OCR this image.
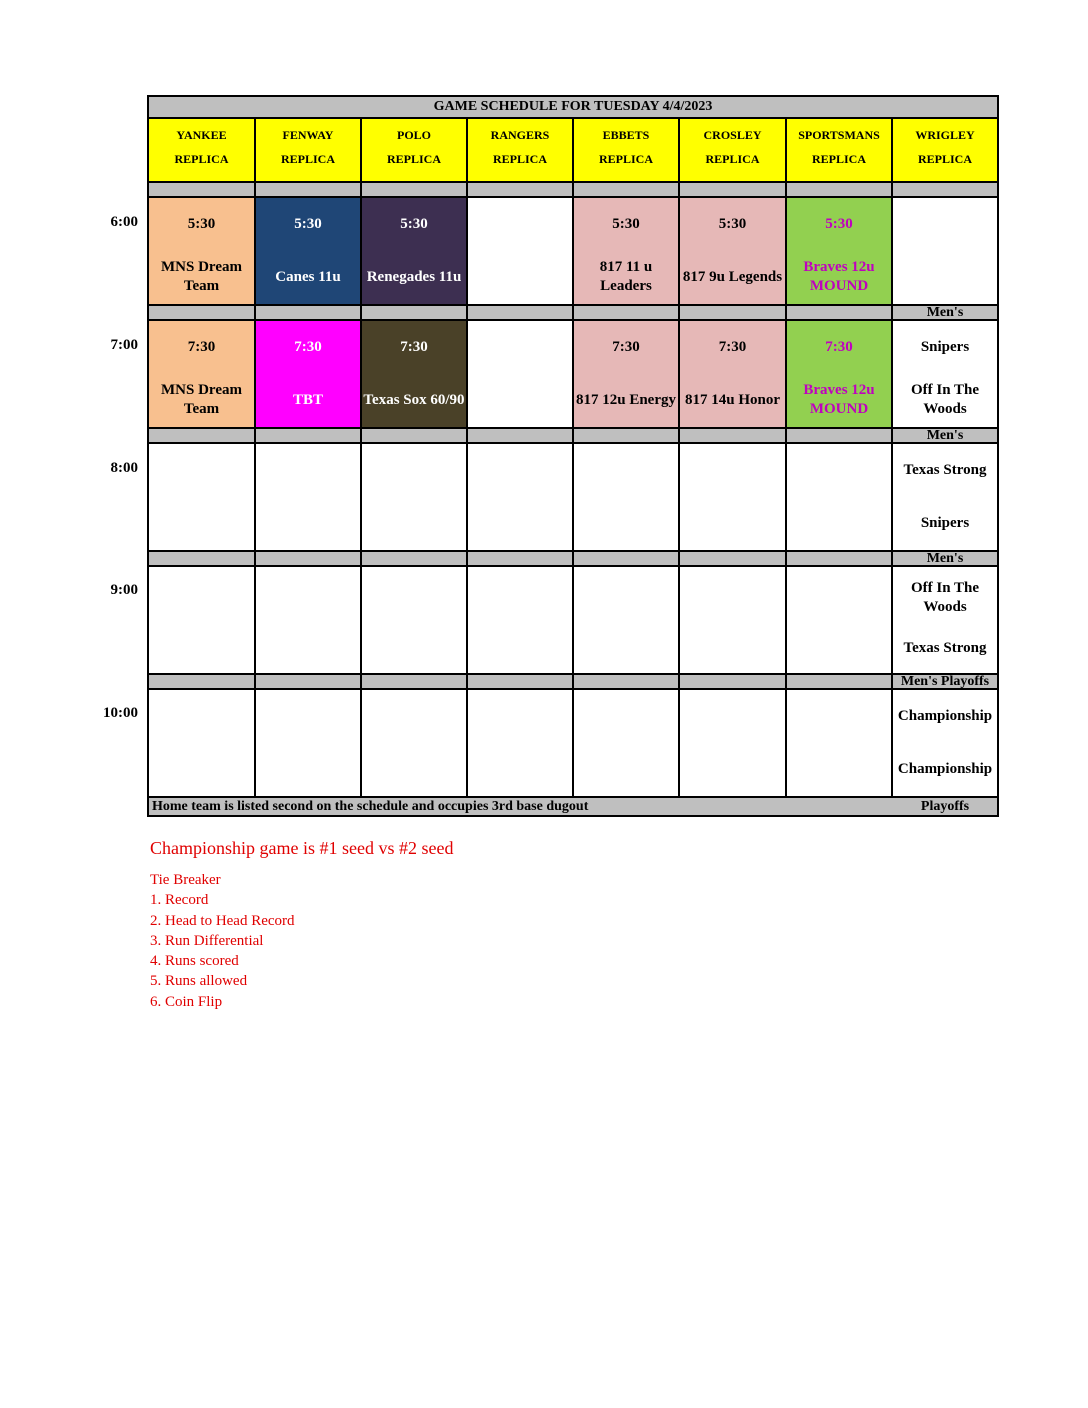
GAME SCHEDULE FOR TUESDAY 4/4/2023
YANKEE
REPLICA
FENWAY
REPLICA
POLO
REPLICA
RANGERS
REPLICA
EBBETS
REPLICA
CROSLEY
REPLICA
SPORTSMANS
REPLICA
WRIGLEY
REPLICA
Men's
Men's
Men's
Men's Playoffs
5:30
MNS Dream Team
5:30
Canes 11u
5:30
Renegades 11u
5:30
817 11 u Leaders
5:30
817 9u Legends
5:30
Braves 12u MOUND
7:30
MNS Dream Team
7:30
TBT
7:30
Texas Sox 60/90
7:30
817 12u Energy
7:30
817 14u Honor
7:30
Braves 12u MOUND
Snipers
Off In The Woods
Texas Strong
Snipers
Off In The Woods
Texas Strong
Championship
Championship
Home team is listed second on the schedule and occupies 3rd base dugout	Playoffs
Championship game is #1 seed vs #2 seed
Tie Breaker
1. Record
2. Head to Head Record
3. Run Differential
4. Runs scored
5. Runs allowed
6. Coin Flip
6:00
7:00
8:00
9:00
10:00
